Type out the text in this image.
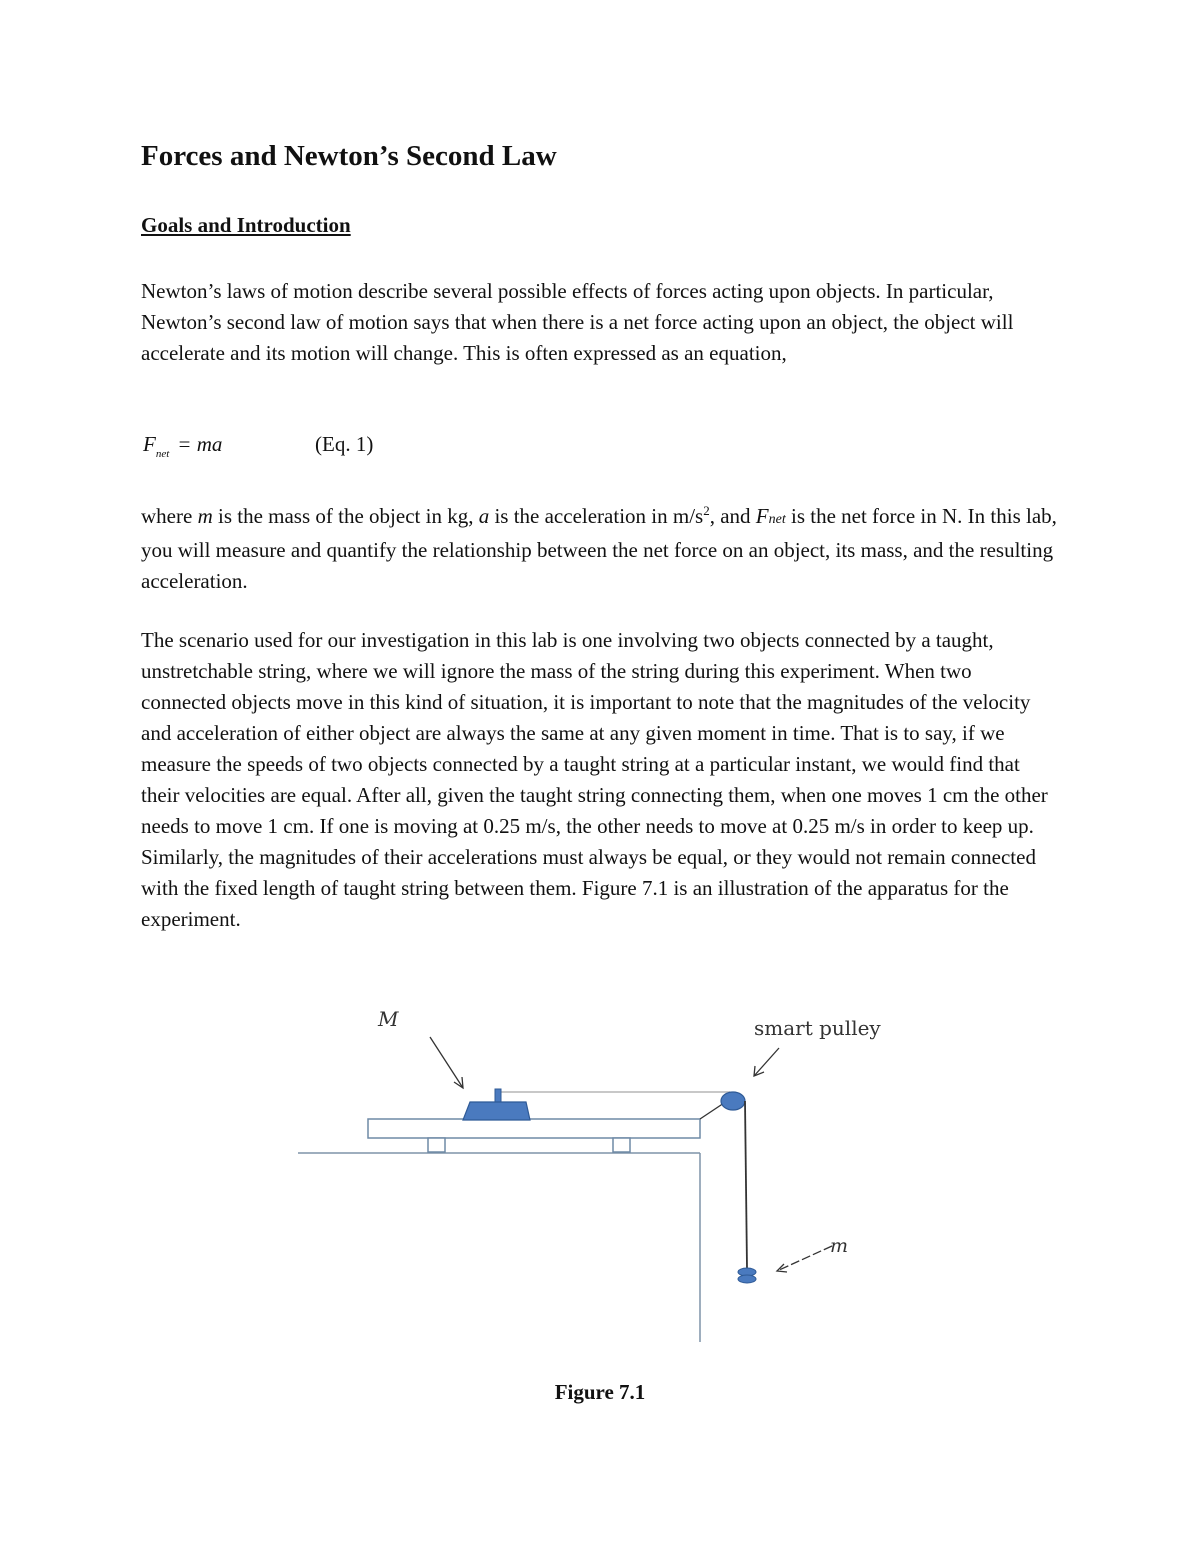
Forces and Newton’s Second Law
Goals and Introduction

Newton’s laws of motion describe several possible effects of forces acting upon objects. In particular, Newton’s second law of motion says that when there is a net force acting upon an object, the object will accelerate and its motion will change. This is often expressed as an equation,

$F_{net}$ = ma	(Eq. 1)

where m is the mass of the object in kg, a is the acceleration in $m/s^2$, and Fnet is the net force in N. In this lab, you will measure and quantify the relationship between the net force on an object, its mass, and the resulting acceleration.

The scenario used for our investigation in this lab is one involving two objects connected by a taught, unstretchable string, where we will ignore the mass of the string during this experiment. When two connected objects move in this kind of situation, it is important to note that the magnitudes of the velocity and acceleration of either object are always the same at any given moment in time. That is to say, if we measure the speeds of two objects connected by a taught string at a particular instant, we would find that their velocities are equal. After all, given the taught string connecting them, when one moves 1 cm the other needs to move 1 cm. If one is moving at 0.25 m/s, the other needs to move at 0.25 m/s in order to keep up. Similarly, the magnitudes of their accelerations must always be equal, or they would not remain connected with the fixed length of taught string between them. Figure 7.1 is an illustration of the apparatus for the experiment.

M	smart pulley
m
Figure 7.1
